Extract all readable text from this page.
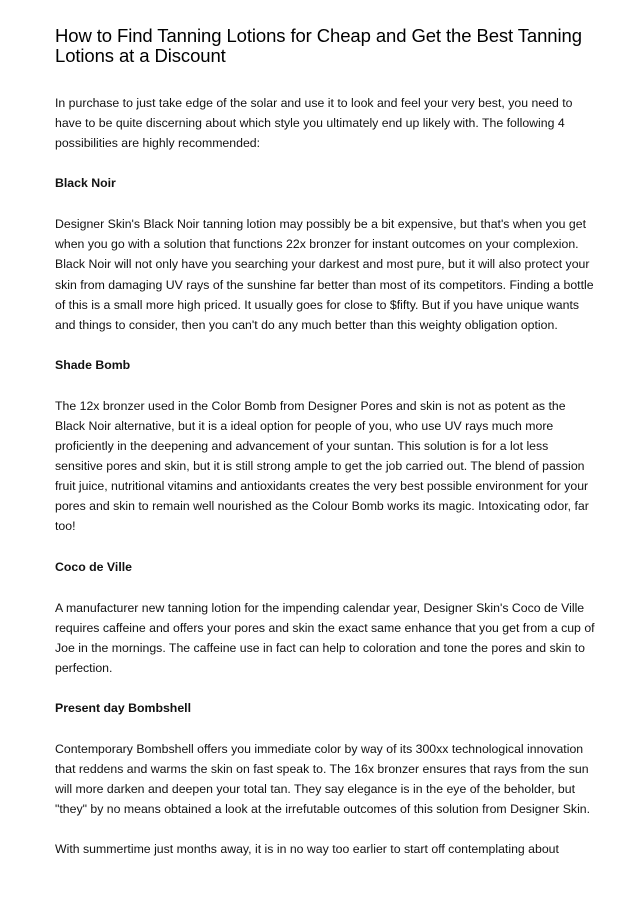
How to Find Tanning Lotions for Cheap and Get the Best Tanning Lotions at a Discount

In purchase to just take edge of the solar and use it to look and feel your very best, you need to have to be quite discerning about which style you ultimately end up likely with. The following 4 possibilities are highly recommended:

Black Noir

Designer Skin's Black Noir tanning lotion may possibly be a bit expensive, but that's when you get when you go with a solution that functions 22x bronzer for instant outcomes on your complexion. Black Noir will not only have you searching your darkest and most pure, but it will also protect your skin from damaging UV rays of the sunshine far better than most of its competitors. Finding a bottle of this is a small more high priced. It usually goes for close to $fifty. But if you have unique wants and things to consider, then you can't do any much better than this weighty obligation option.

Shade Bomb

The 12x bronzer used in the Color Bomb from Designer Pores and skin is not as potent as the Black Noir alternative, but it is a ideal option for people of you, who use UV rays much more proficiently in the deepening and advancement of your suntan. This solution is for a lot less sensitive pores and skin, but it is still strong ample to get the job carried out. The blend of passion fruit juice, nutritional vitamins and antioxidants creates the very best possible environment for your pores and skin to remain well nourished as the Colour Bomb works its magic. Intoxicating odor, far too!

Coco de Ville

A manufacturer new tanning lotion for the impending calendar year, Designer Skin's Coco de Ville requires caffeine and offers your pores and skin the exact same enhance that you get from a cup of Joe in the mornings. The caffeine use in fact can help to coloration and tone the pores and skin to perfection.

Present day Bombshell

Contemporary Bombshell offers you immediate color by way of its 300xx technological innovation that reddens and warms the skin on fast speak to. The 16x bronzer ensures that rays from the sun will more darken and deepen your total tan. They say elegance is in the eye of the beholder, but "they" by no means obtained a look at the irrefutable outcomes of this solution from Designer Skin.

With summertime just months away, it is in no way too earlier to start off contemplating about
